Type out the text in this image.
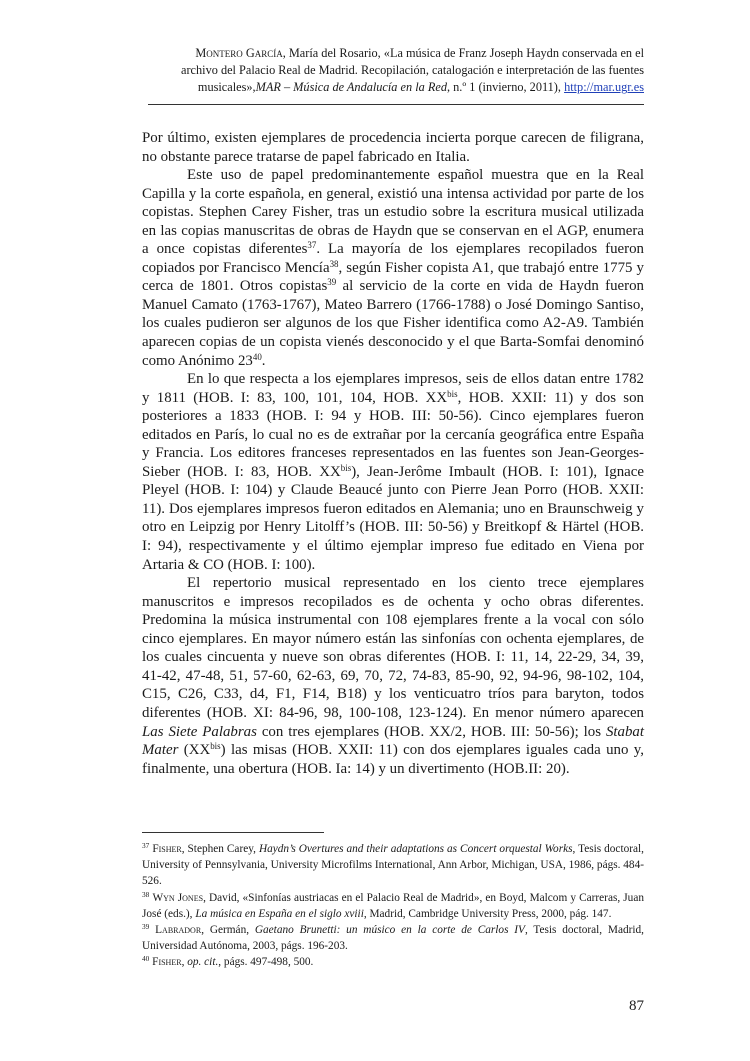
Montero García, María del Rosario, «La música de Franz Joseph Haydn conservada en el
archivo del Palacio Real de Madrid. Recopilación, catalogación e interpretación de las fuentes
musicales»,MAR – Música de Andalucía en la Red, n.º 1 (invierno, 2011), http://mar.ugr.es

Por último, existen ejemplares de procedencia incierta porque carecen de filigrana, no obstante parece tratarse de papel fabricado en Italia.

Este uso de papel predominantemente español muestra que en la Real Capilla y la corte española, en general, existió una intensa actividad por parte de los copistas. Stephen Carey Fisher, tras un estudio sobre la escritura musical utilizada en las copias manuscritas de obras de Haydn que se conservan en el AGP, enumera a once copistas diferentes$^{37}$. La mayoría de los ejemplares recopilados fueron copiados por Francisco Mencía$^{38}$, según Fisher copista A1, que trabajó entre 1775 y cerca de 1801. Otros copistas$^{39}$ al servicio de la corte en vida de Haydn fueron Manuel Camato (1763-1767), Mateo Barrero (1766-1788) o José Domingo Santiso, los cuales pudieron ser algunos de los que Fisher identifica como A2-A9. También aparecen copias de un copista vienés desconocido y el que Barta-Somfai denominó como Anónimo $23^{40}$.

En lo que respecta a los ejemplares impresos, seis de ellos datan entre 1782 y 1811 (HOB. I: 83, 100, 101, 104, HOB. $XX^{bis}$, HOB. XXII: 11) y dos son posteriores a 1833 (HOB. I: 94 y HOB. III: 50-56). Cinco ejemplares fueron editados en París, lo cual no es de extrañar por la cercanía geográfica entre España y Francia. Los editores franceses representados en las fuentes son Jean-Georges-Sieber (HOB. I: 83, HOB. $XX^{bis}$), Jean-Jerôme Imbault (HOB. I: 101), Ignace Pleyel (HOB. I: 104) y Claude Beaucé junto con Pierre Jean Porro (HOB. XXII: 11). Dos ejemplares impresos fueron editados en Alemania; uno en Braunschweig y otro en Leipzig por Henry Litolff’s (HOB. III: 50-56) y Breitkopf & Härtel (HOB. I: 94), respectivamente y el último ejemplar impreso fue editado en Viena por Artaria & CO (HOB. I: 100).

El repertorio musical representado en los ciento trece ejemplares manuscritos e impresos recopilados es de ochenta y ocho obras diferentes. Predomina la música instrumental con 108 ejemplares frente a la vocal con sólo cinco ejemplares. En mayor número están las sinfonías con ochenta ejemplares, de los cuales cincuenta y nueve son obras diferentes (HOB. I: 11, 14, 22-29, 34, 39, 41-42, 47-48, 51, 57-60, 62-63, 69, 70, 72, 74-83, 85-90, 92, 94-96, 98-102, 104, C15, C26, C33, d4, F1, F14, B18) y los venticuatro tríos para baryton, todos diferentes (HOB. XI: 84-96, 98, 100-108, 123-124). En menor número aparecen Las Siete Palabras con tres ejemplares (HOB. XX/2, HOB. III: 50-56); los Stabat Mater $(XX^{bis})$ las misas (HOB. XXII: 11) con dos ejemplares iguales cada uno y, finalmente, una obertura (HOB. Ia: 14) y un divertimento (HOB.II: 20).

$^{37}$ Fisher, Stephen Carey, Haydn’s Overtures and their adaptations as Concert orquestal Works, Tesis doctoral, University of Pennsylvania, University Microfilms International, Ann Arbor, Michigan, USA, 1986, págs. 484-526.

$^{38}$ Wyn Jones, David, «Sinfonías austriacas en el Palacio Real de Madrid», en Boyd, Malcom y Carreras, Juan José (eds.), La música en España en el siglo xviii, Madrid, Cambridge University Press, 2000, pág. 147.

$^{39}$ Labrador, Germán, Gaetano Brunetti: un músico en la corte de Carlos IV, Tesis doctoral, Madrid, Universidad Autónoma, 2003, págs. 196-203.

$^{40}$ Fisher, op. cit., págs. 497-498, 500.

87
